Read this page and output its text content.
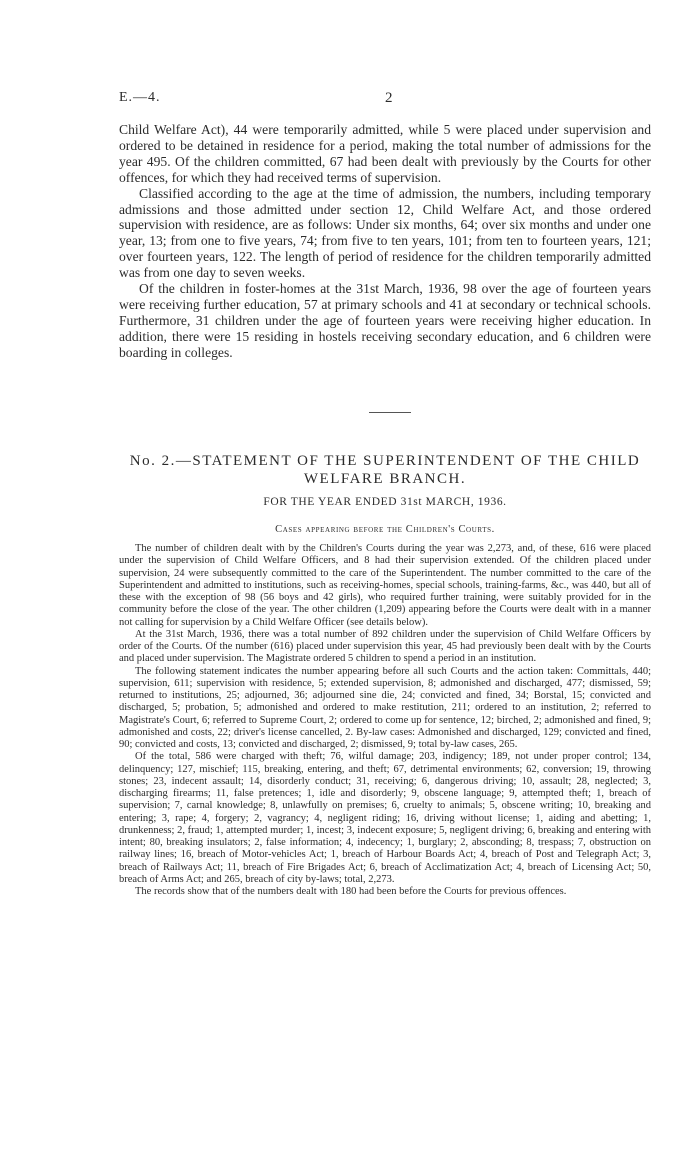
E.—4.	2

Child Welfare Act), 44 were temporarily admitted, while 5 were placed under supervision and ordered to be detained in residence for a period, making the total number of admissions for the year 495. Of the children committed, 67 had been dealt with previously by the Courts for other offences, for which they had received terms of supervision.

Classified according to the age at the time of admission, the numbers, including temporary admissions and those admitted under section 12, Child Welfare Act, and those ordered supervision with residence, are as follows: Under six months, 64; over six months and under one year, 13; from one to five years, 74; from five to ten years, 101; from ten to fourteen years, 121; over fourteen years, 122. The length of period of residence for the children temporarily admitted was from one day to seven weeks.

Of the children in foster-homes at the 31st March, 1936, 98 over the age of fourteen years were receiving further education, 57 at primary schools and 41 at secondary or technical schools. Furthermore, 31 children under the age of fourteen years were receiving higher education. In addition, there were 15 residing in hostels receiving secondary education, and 6 children were boarding in colleges.

No. 2.—STATEMENT OF THE SUPERINTENDENT OF THE CHILD WELFARE BRANCH.
FOR THE YEAR ENDED 31st MARCH, 1936.
Cases appearing before the Children's Courts.

The number of children dealt with by the Children's Courts during the year was 2,273, and, of these, 616 were placed under the supervision of Child Welfare Officers, and 8 had their supervision extended. Of the children placed under supervision, 24 were subsequently committed to the care of the Superintendent. The number committed to the care of the Superintendent and admitted to institutions, such as receiving-homes, special schools, training-farms, &c., was 440, but all of these with the exception of 98 (56 boys and 42 girls), who required further training, were suitably provided for in the community before the close of the year. The other children (1,209) appearing before the Courts were dealt with in a manner not calling for supervision by a Child Welfare Officer (see details below).

At the 31st March, 1936, there was a total number of 892 children under the supervision of Child Welfare Officers by order of the Courts. Of the number (616) placed under supervision this year, 45 had previously been dealt with by the Courts and placed under supervision. The Magistrate ordered 5 children to spend a period in an institution.

The following statement indicates the number appearing before all such Courts and the action taken: Committals, 440; supervision, 611; supervision with residence, 5; extended supervision, 8; admonished and discharged, 477; dismissed, 59; returned to institutions, 25; adjourned, 36; adjourned sine die, 24; convicted and fined, 34; Borstal, 15; convicted and discharged, 5; probation, 5; admonished and ordered to make restitution, 211; ordered to an institution, 2; referred to Magistrate's Court, 6; referred to Supreme Court, 2; ordered to come up for sentence, 12; birched, 2; admonished and fined, 9; admonished and costs, 22; driver's license cancelled, 2. By-law cases: Admonished and discharged, 129; convicted and fined, 90; convicted and costs, 13; convicted and discharged, 2; dismissed, 9; total by-law cases, 265.

Of the total, 586 were charged with theft; 76, wilful damage; 203, indigency; 189, not under proper control; 134, delinquency; 127, mischief; 115, breaking, entering, and theft; 67, detrimental environments; 62, conversion; 19, throwing stones; 23, indecent assault; 14, disorderly conduct; 31, receiving; 6, dangerous driving; 10, assault; 28, neglected; 3, discharging firearms; 11, false pretences; 1, idle and disorderly; 9, obscene language; 9, attempted theft; 1, breach of supervision; 7, carnal knowledge; 8, unlawfully on premises; 6, cruelty to animals; 5, obscene writing; 10, breaking and entering; 3, rape; 4, forgery; 2, vagrancy; 4, negligent riding; 16, driving without license; 1, aiding and abetting; 1, drunkenness; 2, fraud; 1, attempted murder; 1, incest; 3, indecent exposure; 5, negligent driving; 6, breaking and entering with intent; 80, breaking insulators; 2, false information; 4, indecency; 1, burglary; 2, absconding; 8, trespass; 7, obstruction on railway lines; 16, breach of Motor-vehicles Act; 1, breach of Harbour Boards Act; 4, breach of Post and Telegraph Act; 3, breach of Railways Act; 11, breach of Fire Brigades Act; 6, breach of Acclimatization Act; 4, breach of Licensing Act; 50, breach of Arms Act; and 265, breach of city by-laws; total, 2,273.

The records show that of the numbers dealt with 180 had been before the Courts for previous offences.
